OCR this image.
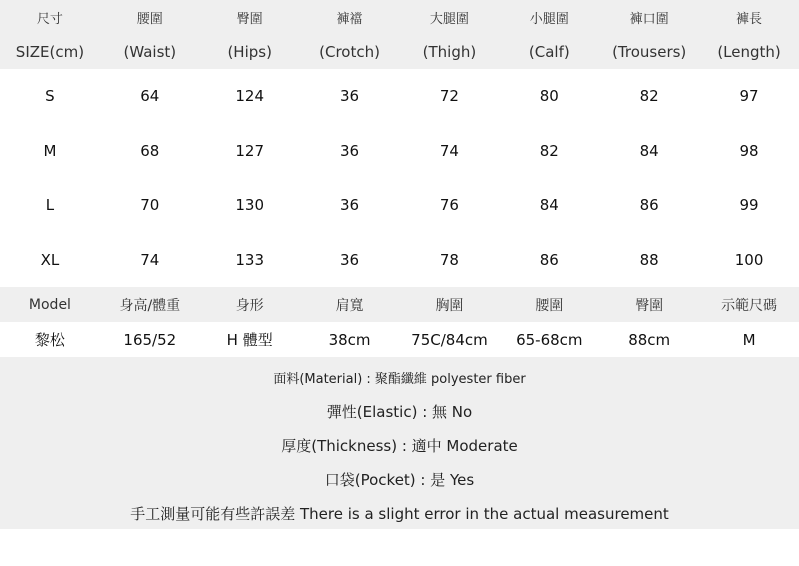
尺寸	腰圍	臀圍	褲襠	大腿圍	小腿圍	褲口圍	褲長
SIZE(cm)	(Waist)	(Hips)	(Crotch)	(Thigh)	(Calf)	(Trousers)	(Length)
S	64	124	36	72	80	82	97
M	68	127	36	74	82	84	98
L	70	130	36	76	84	86	99
XL	74	133	36	78	86	88	100
Model	身高/體重	身形	肩寬	胸圍	腰圍	臀圍	示範尺碼
黎松	165/52	H 體型	38cm	75C/84cm	65-68cm	88cm	M
面料(Material) : 聚酯纖維 polyester fiber
彈性(Elastic) : 無 No
厚度(Thickness) : 適中 Moderate
口袋(Pocket) : 是 Yes
手工測量可能有些許誤差 There is a slight error in the actual measurement
